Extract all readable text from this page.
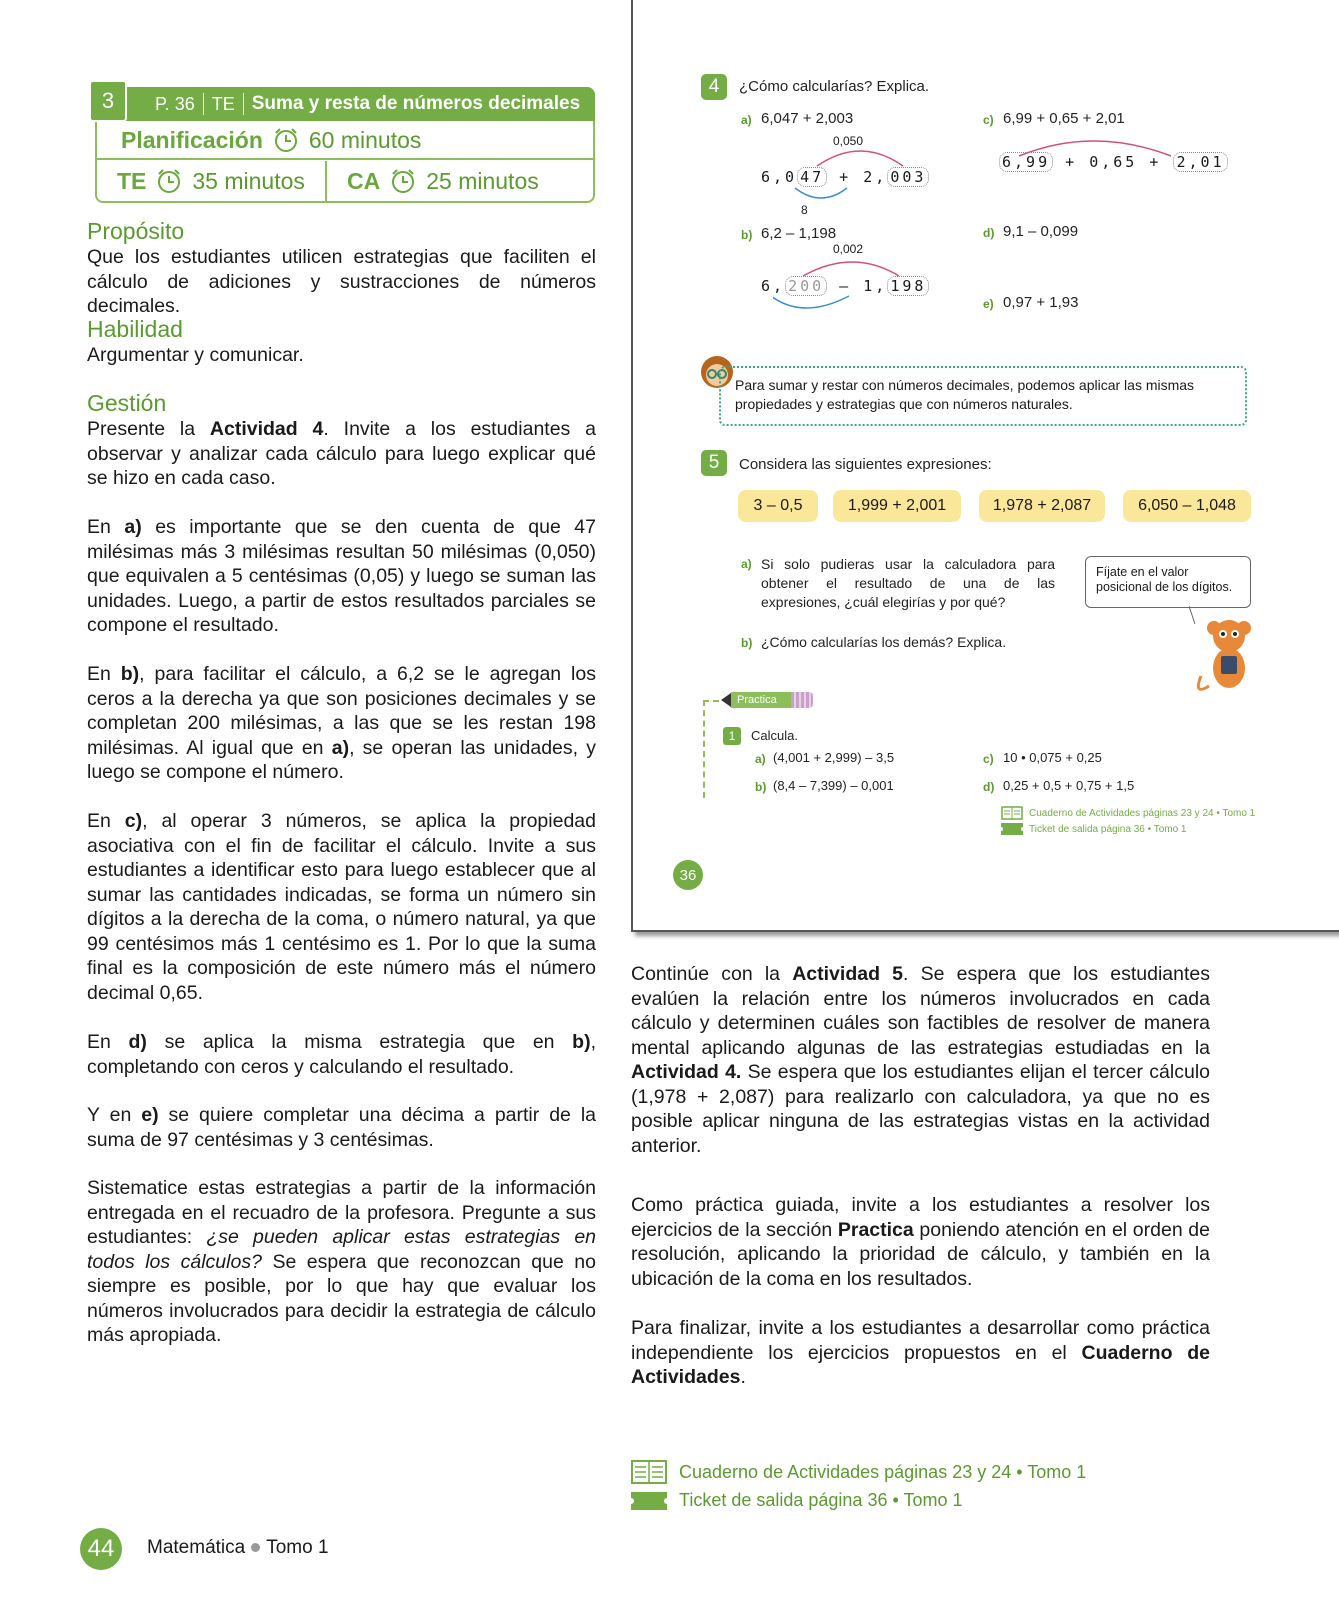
P. 36 TE Suma y resta de números decimales
3
Planificación 60 minutos
TE 35 minutos CA 25 minutos
Propósito
Que los estudiantes utilicen estrategias que faciliten el cálculo de adiciones y sustracciones de números decimales.
Habilidad
Argumentar y comunicar.
Gestión
Presente la Actividad 4. Invite a los estudiantes a observar y analizar cada cálculo para luego explicar qué se hizo en cada caso.
En a) es importante que se den cuenta de que 47 milésimas más 3 milésimas resultan 50 milésimas (0,050) que equivalen a 5 centésimas (0,05) y luego se suman las unidades. Luego, a partir de estos resultados parciales se compone el resultado.
En b), para facilitar el cálculo, a 6,2 se le agregan los ceros a la derecha ya que son posiciones decimales y se completan 200 milésimas, a las que se les restan 198 milésimas. Al igual que en a), se operan las unidades, y luego se compone el número.
En c), al operar 3 números, se aplica la propiedad asociativa con el fin de facilitar el cálculo. Invite a sus estudiantes a identificar esto para luego establecer que al sumar las cantidades indicadas, se forma un número sin dígitos a la derecha de la coma, o número natural, ya que 99 centésimos más 1 centésimo es 1. Por lo que la suma final es la composición de este número más el número decimal 0,65.
En d) se aplica la misma estrategia que en b), completando con ceros y calculando el resultado.
Y en e) se quiere completar una décima a partir de la suma de 97 centésimas y 3 centésimas.
Sistematice estas estrategias a partir de la información entregada en el recuadro de la profesora. Pregunte a sus estudiantes: ¿se pueden aplicar estas estrategias en todos los cálculos? Se espera que reconozcan que no siempre es posible, por lo que hay que evaluar los números involucrados para decidir la estrategia de cálculo más apropiada.
4	¿Cómo calcularías? Explica.
a) 6,047 + 2,003
0,050
6,0 47 + 2, 003
8
b) 6,2 – 1,198
0,002
6, 200 – 1, 198
c) 6,99 + 0,65 + 2,01
6,99 + 0,65 + 2,01
d) 9,1 – 0,099
e) 0,97 + 1,93
Para sumar y restar con números decimales, podemos aplicar las mismas propiedades y estrategias que con números naturales.
5	Considera las siguientes expresiones:
3 – 0,5	1,999 + 2,001	1,978 + 2,087	6,050 – 1,048
a) Si solo pudieras usar la calculadora para obtener el resultado de una de las expresiones, ¿cuál elegirías y por qué?
Fíjate en el valor posicional de los dígitos.
b) ¿Cómo calcularías los demás? Explica.
Practica
1	Calcula.
a) (4,001 + 2,999) – 3,5
b) (8,4 – 7,399) – 0,001
c) 10 • 0,075 + 0,25
d) 0,25 + 0,5 + 0,75 + 1,5
Cuaderno de Actividades páginas 23 y 24 • Tomo 1
Ticket de salida página 36 • Tomo 1
36
Continúe con la Actividad 5. Se espera que los estudiantes evalúen la relación entre los números involucrados en cada cálculo y determinen cuáles son factibles de resolver de manera mental aplicando algunas de las estrategias estudiadas en la Actividad 4. Se espera que los estudiantes elijan el tercer cálculo (1,978 + 2,087) para realizarlo con calculadora, ya que no es posible aplicar ninguna de las estrategias vistas en la actividad anterior.
Como práctica guiada, invite a los estudiantes a resolver los ejercicios de la sección Practica poniendo atención en el orden de resolución, aplicando la prioridad de cálculo, y también en la ubicación de la coma en los resultados.
Para finalizar, invite a los estudiantes a desarrollar como práctica independiente los ejercicios propuestos en el Cuaderno de Actividades.
Cuaderno de Actividades páginas 23 y 24 • Tomo 1
Ticket de salida página 36 • Tomo 1
44	Matemática Tomo 1
